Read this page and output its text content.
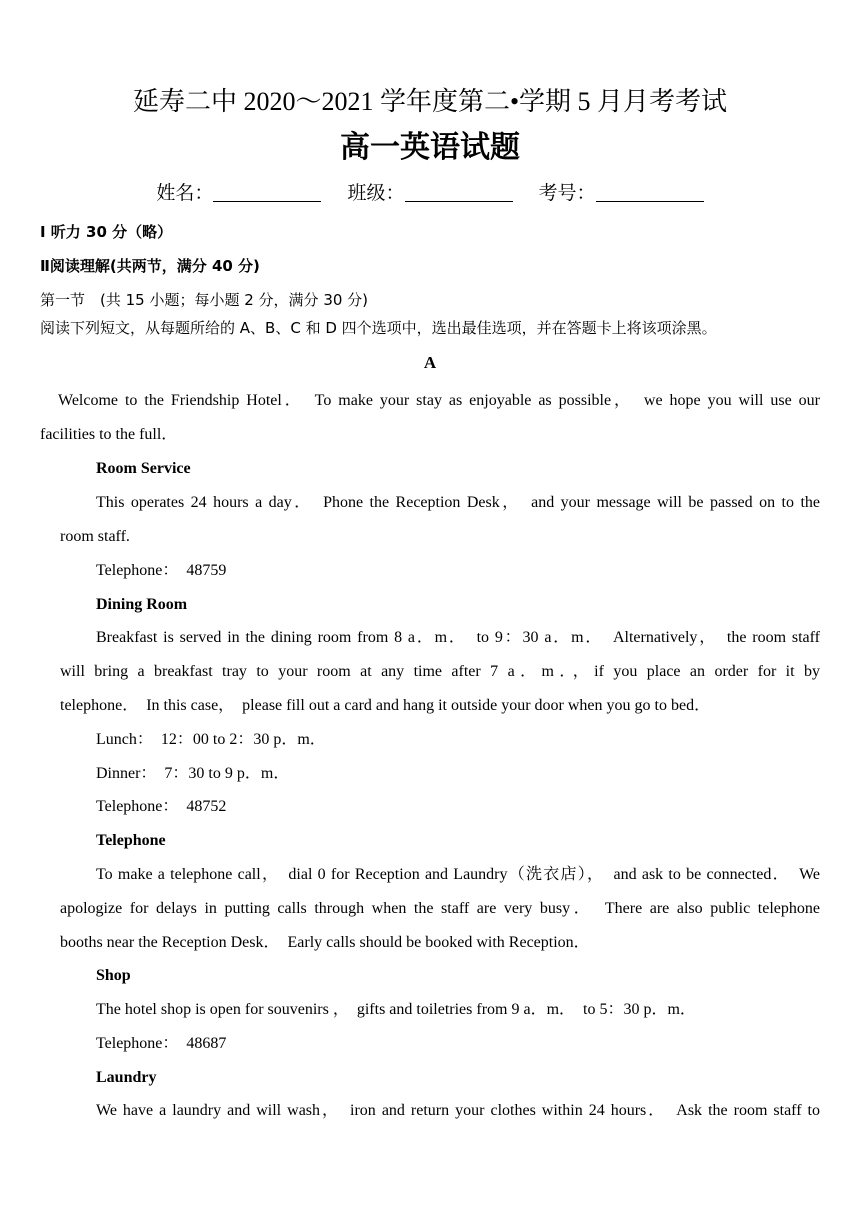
延寿二中 2020～2021 学年度第二•学期 5 月月考考试
高一英语试题
姓名：	班级：	考号：
I 听力 30 分（略）
Ⅱ阅读理解(共两节，满分 40 分)
第一节　(共 15 小题；每小题 2 分，满分 30 分)
阅读下列短文，从每题所给的 A、B、C 和 D 四个选项中，选出最佳选项，并在答题卡上将该项涂黑。
A
Welcome to the Friendship Hotel．　To make your stay as enjoyable as possible，　we hope you will use our
facilities to the full．
Room Service
This operates 24 hours a day．　Phone the Reception Desk，　and your message will be passed on to the
room staff.
Telephone：　48759
Dining Room
Breakfast is served in the dining room from 8 a．m．　to 9：30 a．m．　Alternatively，　the room staff
will bring a breakfast tray to your room at any time after 7 a．m．，if you place an order for it by
telephone．　In this case，　please fill out a card and hang it outside your door when you go to bed．
Lunch：　12：00 to 2：30 p．m．
Dinner：　7：30 to 9 p．m．
Telephone：　48752
Telephone
To make a telephone call，　dial 0 for Reception and Laundry（洗衣店），　and ask to be connected．　We
apologize for delays in putting calls through when the staff are very busy．　There are also public telephone
booths near the Reception Desk．　Early calls should be booked with Reception．
Shop
The hotel shop is open for souvenirs ，　gifts and toiletries from 9 a．m．　to 5：30 p．m．
Telephone：　48687
Laundry
We have a laundry and will wash，　iron and return your clothes within 24 hours．　Ask the room staff to
